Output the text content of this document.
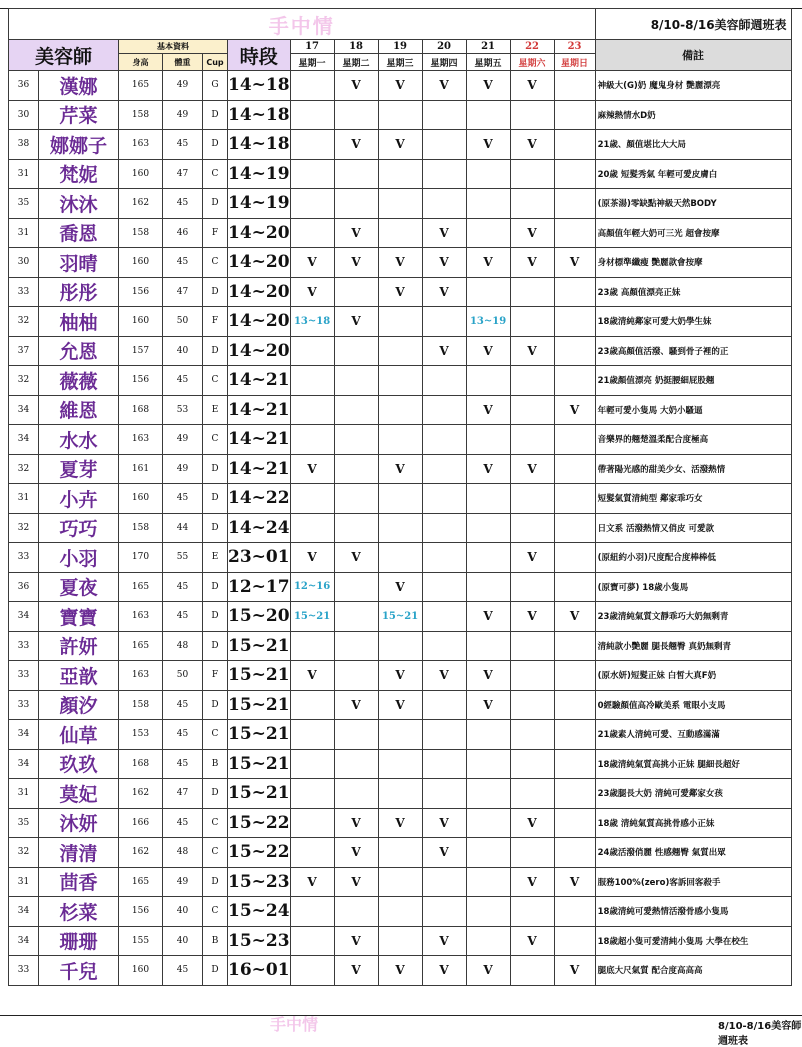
手中情													8/10-8/16美容師週班表
美容師		基本資料			時段	17	18	19	20	21	22	23	備註
		身高	體重	Cup		星期一	星期二	星期三	星期四	星期五	星期六	星期日	
36	漢娜	165	49	G	14~18		V	V	V	V	V		神級大(G)奶 魔鬼身材 艷麗漂亮
30	芹菜	158	49	D	14~18								麻辣熱情水D奶
38	娜娜子	163	45	D	14~18		V	V		V	V		21歲、顏值堪比大大局
31	梵妮	160	47	C	14~19								20歲 短髮秀氣 年輕可愛皮膚白
35	沐沐	162	45	D	14~19								(原茶湯)零缺點神級天然BODY
31	喬恩	158	46	F	14~20		V		V		V		高顏值年輕大奶可三光 超會按摩
30	羽晴	160	45	C	14~20	V	V	V	V	V	V	V	身材標準纖瘦 艷麗款會按摩
33	彤彤	156	47	D	14~20	V		V	V				23歲 高顏值漂亮正妹
32	柚柚	160	50	F	14~20	13~18	V			13~19			18歲清純鄰家可愛大奶學生妹
37	允恩	157	40	D	14~20				V	V	V		23歲高顏值活潑、騷到骨子裡的正
32	薇薇	156	45	C	14~21								21歲顏值漂亮 奶挺腰細屁股翹
34	維恩	168	53	E	14~21					V		V	年輕可愛小隻馬 大奶小騷逼
34	水水	163	49	C	14~21								音樂界的翹楚溫柔配合度極高
32	夏芽	161	49	D	14~21	V		V		V	V		帶著陽光感的甜美少女、活潑熱情
31	小卉	160	45	D	14~22								短髮氣質清純型 鄰家乖巧女
32	巧巧	158	44	D	14~24								日文系 活潑熱情又俏皮 可愛款
33	小羽	170	55	E	23~01	V	V				V		(原紐約小羽)尺度配合度棒棒低
36	夏夜	165	45	D	12~17	12~16		V					(原寶可夢) 18歲小隻馬
34	寶寶	163	45	D	15~20	15~21		15~21		V	V	V	23歲清純氣質文靜乖巧大奶無剩青
33	許妍	165	48	D	15~21								清純款小艷麗 腿長翹臀 真奶無剩青
33	亞歆	163	50	F	15~21	V		V	V	V			(原水妍)短髮正妹 白皙大真F奶
33	顏汐	158	45	D	15~21		V	V		V			0經驗顏值高冷歐美系 電眼小支馬
34	仙草	153	45	C	15~21								21歲素人清純可愛、互動感滿滿
34	玖玖	168	45	B	15~21								18歲清純氣質高挑小正妹 腿細長超好
31	莫妃	162	47	D	15~21								23歲腿長大奶 清純可愛鄰家女孩
35	沐妍	166	45	C	15~22		V	V	V		V		18歲 清純氣質高挑骨感小正妹
32	清清	162	48	C	15~22		V		V				24歲活潑俏麗 性感翹臀 氣質出眾
31	茴香	165	49	D	15~23	V	V				V	V	服務100%(zero)客訴回客殺手
34	杉菜	156	40	C	15~24								18歲清純可愛熱情活潑骨感小隻馬
34	珊珊	155	40	B	15~23		V		V		V		18歲超小隻可愛清純小隻馬 大學在校生
33	千兒	160	45	D	16~01		V	V	V	V		V	腿底大尺氣質 配合度高高高
手中情	8/10-8/16美容師週班表
